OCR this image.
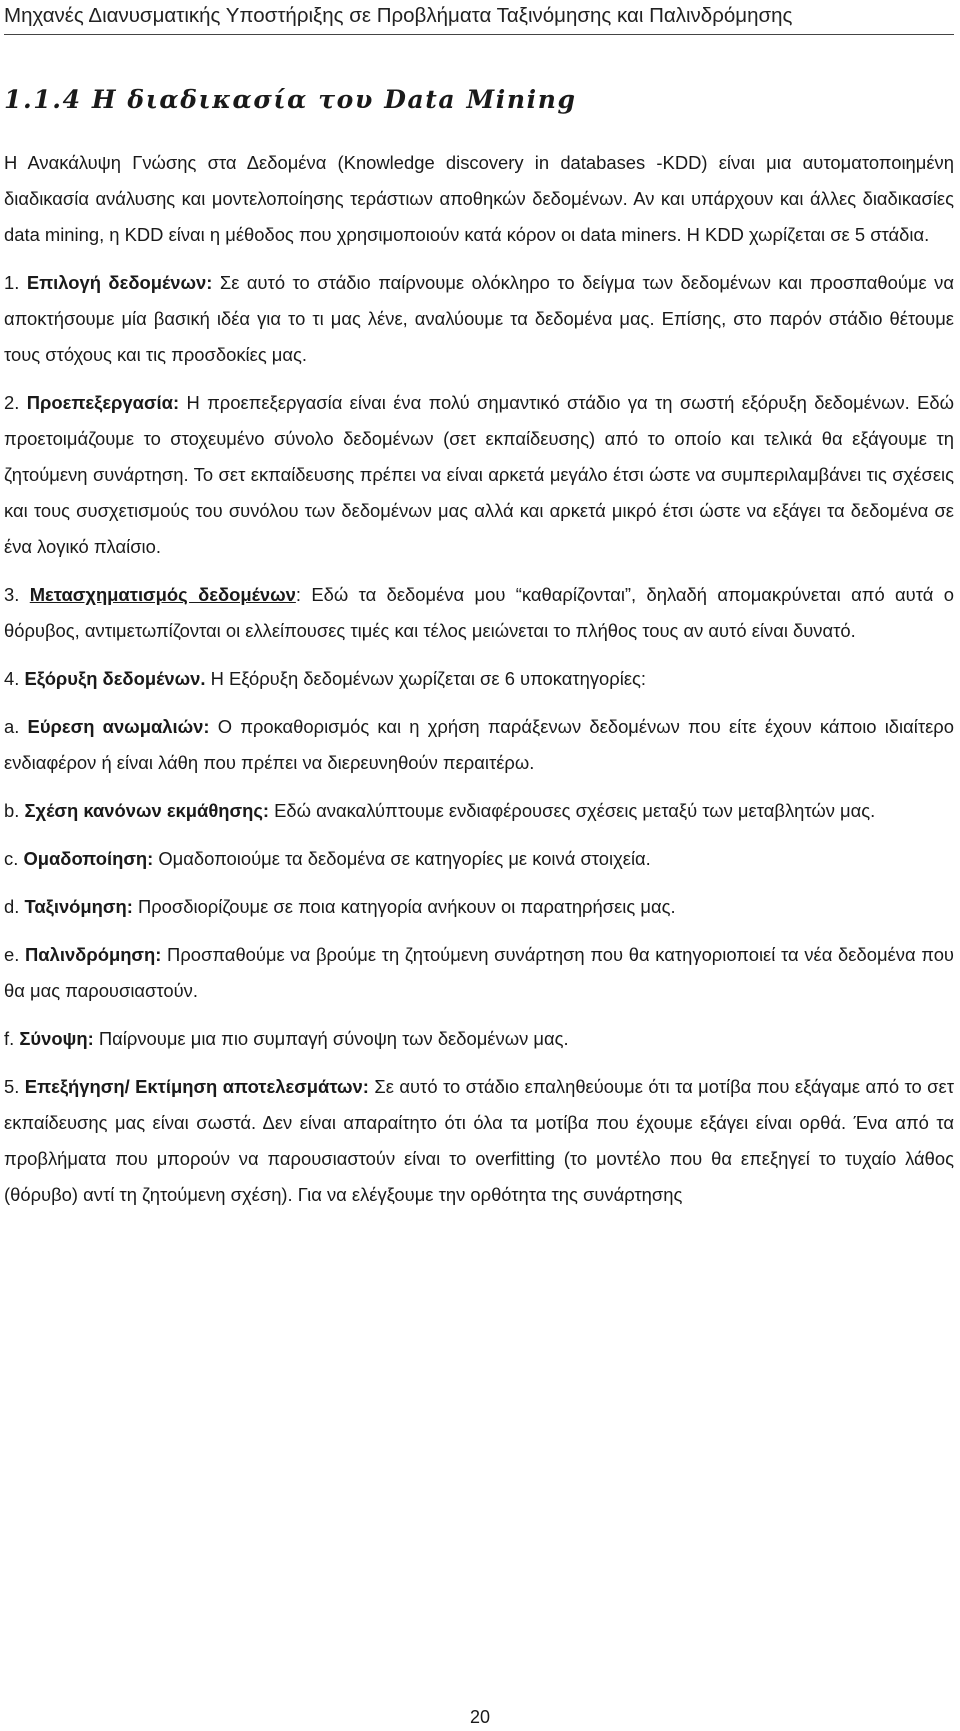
Μηχανές Διανυσματικής Υποστήριξης σε Προβλήματα Ταξινόμησης και Παλινδρόμησης
1.1.4 Η διαδικασία του Data Mining

Η Ανακάλυψη Γνώσης στα Δεδομένα (Knowledge discovery in databases -KDD) είναι μια αυτοματοποιημένη διαδικασία ανάλυσης και μοντελοποίησης τεράστιων αποθηκών δεδομένων. Αν και υπάρχουν και άλλες διαδικασίες data mining, η KDD είναι η μέθοδος που χρησιμοποιούν κατά κόρον οι data miners. Η KDD χωρίζεται σε 5 στάδια.

1. Επιλογή δεδομένων: Σε αυτό το στάδιο παίρνουμε ολόκληρο το δείγμα των δεδομένων και προσπαθούμε να αποκτήσουμε μία βασική ιδέα για το τι μας λένε, αναλύουμε τα δεδομένα μας. Επίσης, στο παρόν στάδιο θέτουμε τους στόχους και τις προσδοκίες μας.

2. Προεπεξεργασία: Η προεπεξεργασία είναι ένα πολύ σημαντικό στάδιο γα τη σωστή εξόρυξη δεδομένων. Εδώ προετοιμάζουμε το στοχευμένο σύνολο δεδομένων (σετ εκπαίδευσης) από το οποίο και τελικά θα εξάγουμε τη ζητούμενη συνάρτηση. Το σετ εκπαίδευσης πρέπει να είναι αρκετά μεγάλο έτσι ώστε να συμπεριλαμβάνει τις σχέσεις και τους συσχετισμούς του συνόλου των δεδομένων μας αλλά και αρκετά μικρό έτσι ώστε να εξάγει τα δεδομένα σε ένα λογικό πλαίσιο.

3. Μετασχηματισμός δεδομένων: Εδώ τα δεδομένα μου “καθαρίζονται”, δηλαδή απομακρύνεται από αυτά ο θόρυβος, αντιμετωπίζονται οι ελλείπουσες τιμές και τέλος μειώνεται το πλήθος τους αν αυτό είναι δυνατό.

4. Εξόρυξη δεδομένων. Η Εξόρυξη δεδομένων χωρίζεται σε 6 υποκατηγορίες:

a. Εύρεση ανωμαλιών: Ο προκαθορισμός και η χρήση παράξενων δεδομένων που είτε έχουν κάποιο ιδιαίτερο ενδιαφέρον ή είναι λάθη που πρέπει να διερευνηθούν περαιτέρω.

b. Σχέση κανόνων εκμάθησης: Εδώ ανακαλύπτουμε ενδιαφέρουσες σχέσεις μεταξύ των μεταβλητών μας.

c. Ομαδοποίηση: Ομαδοποιούμε τα δεδομένα σε κατηγορίες με κοινά στοιχεία.

d. Ταξινόμηση: Προσδιορίζουμε σε ποια κατηγορία ανήκουν οι παρατηρήσεις μας.

e. Παλινδρόμηση: Προσπαθούμε να βρούμε τη ζητούμενη συνάρτηση που θα κατηγοριοποιεί τα νέα δεδομένα που θα μας παρουσιαστούν.

f. Σύνοψη: Παίρνουμε μια πιο συμπαγή σύνοψη των δεδομένων μας.

5. Επεξήγηση/ Εκτίμηση αποτελεσμάτων: Σε αυτό το στάδιο επαληθεύουμε ότι τα μοτίβα που εξάγαμε από το σετ εκπαίδευσης μας είναι σωστά. Δεν είναι απαραίτητο ότι όλα τα μοτίβα που έχουμε εξάγει είναι ορθά. Ένα από τα προβλήματα που μπορούν να παρουσιαστούν είναι το overfitting (το μοντέλο που θα επεξηγεί το τυχαίο λάθος (θόρυβο) αντί τη ζητούμενη σχέση). Για να ελέγξουμε την ορθότητα της συνάρτησης

20
